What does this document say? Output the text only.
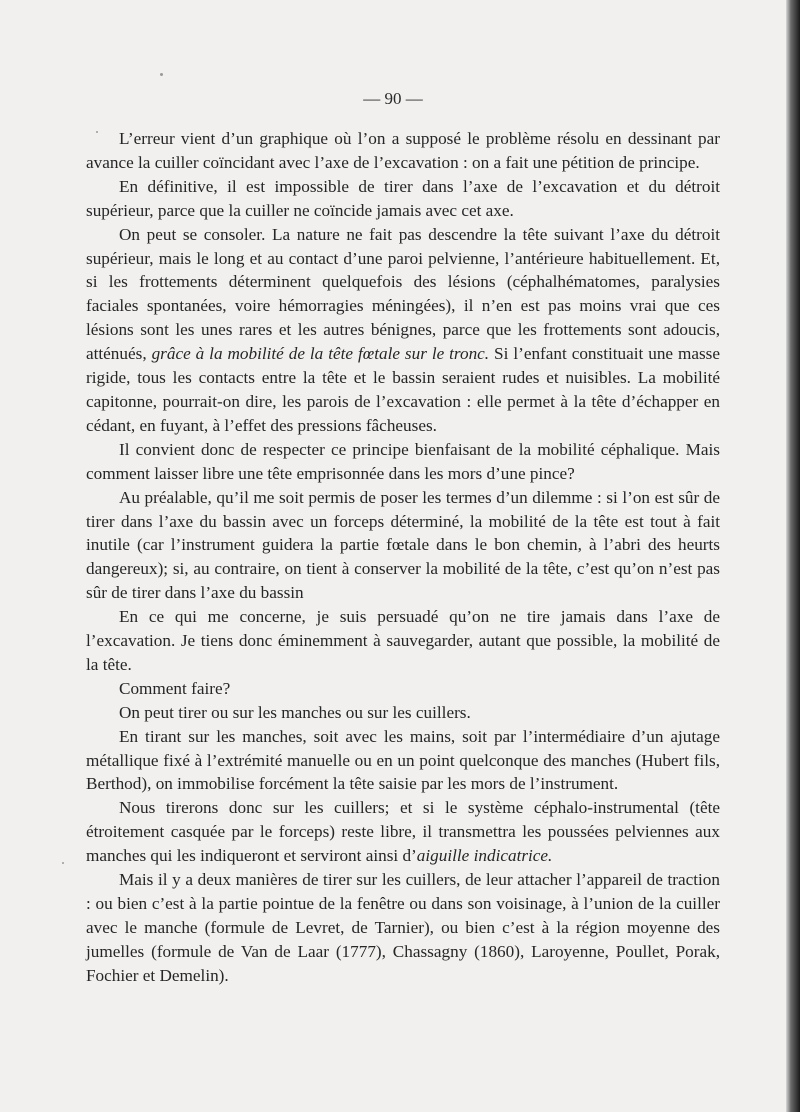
— 90 —

L’erreur vient d’un graphique où l’on a supposé le problème résolu en dessinant par avance la cuiller coïncidant avec l’axe de l’excavation : on a fait une pétition de principe.

En définitive, il est impossible de tirer dans l’axe de l’excavation et du détroit supérieur, parce que la cuiller ne coïncide jamais avec cet axe.

On peut se consoler. La nature ne fait pas descendre la tête suivant l’axe du détroit supérieur, mais le long et au contact d’une paroi pelvienne, l’antérieure habituellement. Et, si les frottements déterminent quelquefois des lésions (céphalhématomes, paralysies faciales spontanées, voire hémorragies méningées), il n’en est pas moins vrai que ces lésions sont les unes rares et les autres bénignes, parce que les frottements sont adoucis, atténués, grâce à la mobilité de la tête fœtale sur le tronc. Si l’enfant constituait une masse rigide, tous les contacts entre la tête et le bassin seraient rudes et nuisibles. La mobilité capitonne, pourrait-on dire, les parois de l’excavation : elle permet à la tête d’échapper en cédant, en fuyant, à l’effet des pressions fâcheuses.

Il convient donc de respecter ce principe bienfaisant de la mobilité céphalique. Mais comment laisser libre une tête emprisonnée dans les mors d’une pince?

Au préalable, qu’il me soit permis de poser les termes d’un dilemme : si l’on est sûr de tirer dans l’axe du bassin avec un forceps déterminé, la mobilité de la tête est tout à fait inutile (car l’instrument guidera la partie fœtale dans le bon chemin, à l’abri des heurts dangereux); si, au contraire, on tient à conserver la mobilité de la tête, c’est qu’on n’est pas sûr de tirer dans l’axe du bassin

En ce qui me concerne, je suis persuadé qu’on ne tire jamais dans l’axe de l’excavation. Je tiens donc éminemment à sauvegarder, autant que possible, la mobilité de la tête.

Comment faire?

On peut tirer ou sur les manches ou sur les cuillers.

En tirant sur les manches, soit avec les mains, soit par l’intermédiaire d’un ajutage métallique fixé à l’extrémité manuelle ou en un point quelconque des manches (Hubert fils, Berthod), on immobilise forcément la tête saisie par les mors de l’instrument.

Nous tirerons donc sur les cuillers; et si le système céphalo-instrumental (tête étroitement casquée par le forceps) reste libre, il transmettra les poussées pelviennes aux manches qui les indiqueront et serviront ainsi d’aiguille indicatrice.

Mais il y a deux manières de tirer sur les cuillers, de leur attacher l’appareil de traction : ou bien c’est à la partie pointue de la fenêtre ou dans son voisinage, à l’union de la cuiller avec le manche (formule de Levret, de Tarnier), ou bien c’est à la région moyenne des jumelles (formule de Van de Laar (1777), Chassagny (1860), Laroyenne, Poullet, Porak, Fochier et Demelin).
